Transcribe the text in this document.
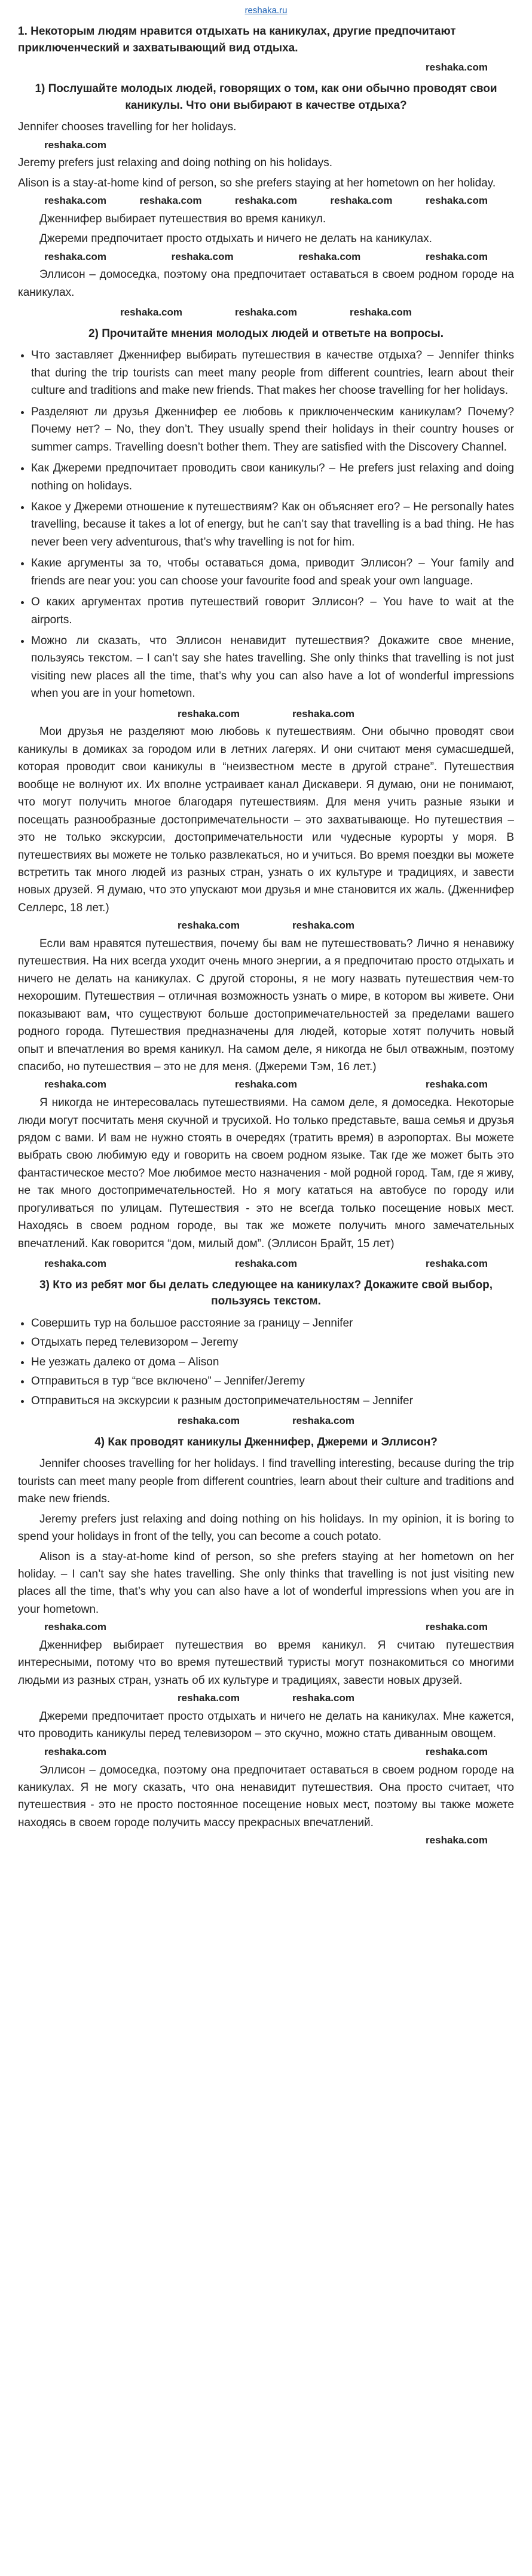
reshaka.ru
1. Некоторым людям нравится отдыхать на каникулах, другие предпочитают приключенческий и захватывающий вид отдыха.
reshaka.com
1) Послушайте молодых людей, говорящих о том, как они обычно проводят свои каникулы. Что они выбирают в качестве отдыха?

Jennifer chooses travelling for her holidays.

reshaka.com

Jeremy prefers just relaxing and doing nothing on his holidays.

Alison is a stay-at-home kind of person, so she prefers staying at her hometown on her holiday.

reshaka.com	reshaka.com	reshaka.com	reshaka.com	reshaka.com

Дженнифер выбирает путешествия во время каникул.

Джереми предпочитает просто отдыхать и ничего не делать на каникулах.

reshaka.com	reshaka.com	reshaka.com	reshaka.com

Эллисон – домоседка, поэтому она предпочитает оставаться в своем родном городе на каникулах.

reshaka.com	reshaka.com	reshaka.com
2) Прочитайте мнения молодых людей и ответьте на вопросы.
• Что заставляет Дженнифер выбирать путешествия в качестве отдыха? – Jennifer thinks that during the trip tourists can meet many people from different countries, learn about their culture and traditions and make new friends. That makes her choose travelling for her holidays.
• Разделяют ли друзья Дженнифер ее любовь к приключенческим каникулам? Почему? Почему нет? – No, they don’t. They usually spend their holidays in their country houses or summer camps. Travelling doesn’t bother them. They are satisfied with the Discovery Channel.
• Как Джереми предпочитает проводить свои каникулы? – He prefers just relaxing and doing nothing on holidays.
• Какое у Джереми отношение к путешествиям? Как он объясняет его? – He personally hates travelling, because it takes a lot of energy, but he can’t say that travelling is a bad thing. He has never been very adventurous, that’s why travelling is not for him.
• Какие аргументы за то, чтобы оставаться дома, приводит Эллисон? – Your family and friends are near you: you can choose your favourite food and speak your own language.
• О каких аргументах против путешествий говорит Эллисон? – You have to wait at the airports.
• Можно ли сказать, что Эллисон ненавидит путешествия? Докажите свое мнение, пользуясь текстом. – I can’t say she hates travelling. She only thinks that travelling is not just visiting new places all the time, that’s why you can also have a lot of wonderful impressions when you are in your hometown.
reshaka.com	reshaka.com

Мои друзья не разделяют мою любовь к путешествиям. Они обычно проводят свои каникулы в домиках за городом или в летних лагерях. И они считают меня сумасшедшей, которая проводит свои каникулы в “неизвестном месте в другой стране”. Путешествия вообще не волнуют их. Их вполне устраивает канал Дискавери. Я думаю, они не понимают, что могут получить многое благодаря путешествиям. Для меня учить разные языки и посещать разнообразные достопримечательности – это захватывающе. Но путешествия – это не только экскурсии, достопримечательности или чудесные курорты у моря. В путешествиях вы можете не только развлекаться, но и учиться. Во время поездки вы можете встретить так много людей из разных стран, узнать о их культуре и традициях, и завести новых друзей. Я думаю, что это упускают мои друзья и мне становится их жаль. (Дженнифер Селлерс, 18 лет.)

reshaka.com	reshaka.com

Если вам нравятся путешествия, почему бы вам не путешествовать? Лично я ненавижу путешествия. На них всегда уходит очень много энергии, а я предпочитаю просто отдыхать и ничего не делать на каникулах. С другой стороны, я не могу назвать путешествия чем-то нехорошим. Путешествия – отличная возможность узнать о мире, в котором вы живете. Они показывают вам, что существуют больше достопримечательностей за пределами вашего родного города. Путешествия предназначены для людей, которые хотят получить новый опыт и впечатления во время каникул. На самом деле, я никогда не был отважным, поэтому спасибо, но путешествия – это не для меня. (Джереми Тэм, 16 лет.)

reshaka.com	reshaka.com	reshaka.com

Я никогда не интересовалась путешествиями. На самом деле, я домоседка. Некоторые люди могут посчитать меня скучной и трусихой. Но только представьте, ваша семья и друзья рядом с вами. И вам не нужно стоять в очередях (тратить время) в аэропортах. Вы можете выбрать свою любимую еду и говорить на своем родном языке. Так где же может быть это фантастическое место? Мое любимое место назначения - мой родной город. Там, где я живу, не так много достопримечательностей. Но я могу кататься на автобусе по городу или прогуливаться по улицам. Путешествия - это не всегда только посещение новых мест. Находясь в своем родном городе, вы так же можете получить много замечательных впечатлений. Как говорится “дом, милый дом”. (Эллисон Брайт, 15 лет)

reshaka.com	reshaka.com	reshaka.com
3) Кто из ребят мог бы делать следующее на каникулах? Докажите свой выбор, пользуясь текстом.
• Совершить тур на большое расстояние за границу – Jennifer
• Отдыхать перед телевизором – Jeremy
• Не уезжать далеко от дома – Alison
• Отправиться в тур “все включено” – Jennifer/Jeremy
• Отправиться на экскурсии к разным достопримечательностям – Jennifer
reshaka.com	reshaka.com
4) Как проводят каникулы Дженнифер, Джереми и Эллисон?

Jennifer chooses travelling for her holidays. I find travelling interesting, because during the trip tourists can meet many people from different countries, learn about their culture and traditions and make new friends.

Jeremy prefers just relaxing and doing nothing on his holidays. In my opinion, it is boring to spend your holidays in front of the telly, you can become a couch potato.

Alison is a stay-at-home kind of person, so she prefers staying at her hometown on her holiday. – I can’t say she hates travelling. She only thinks that travelling is not just visiting new places all the time, that’s why you can also have a lot of wonderful impressions when you are in your hometown.

reshaka.com	reshaka.com

Дженнифер выбирает путешествия во время каникул. Я считаю путешествия интересными, потому что во время путешествий туристы могут познакомиться со многими людьми из разных стран, узнать об их культуре и традициях, завести новых друзей.

reshaka.com	reshaka.com

Джереми предпочитает просто отдыхать и ничего не делать на каникулах. Мне кажется, что проводить каникулы перед телевизором – это скучно, можно стать диванным овощем.

reshaka.com	reshaka.com

Эллисон – домоседка, поэтому она предпочитает оставаться в своем родном городе на каникулах. Я не могу сказать, что она ненавидит путешествия. Она просто считает, что путешествия - это не просто постоянное посещение новых мест, поэтому вы также можете находясь в своем городе получить массу прекрасных впечатлений.

reshaka.com
